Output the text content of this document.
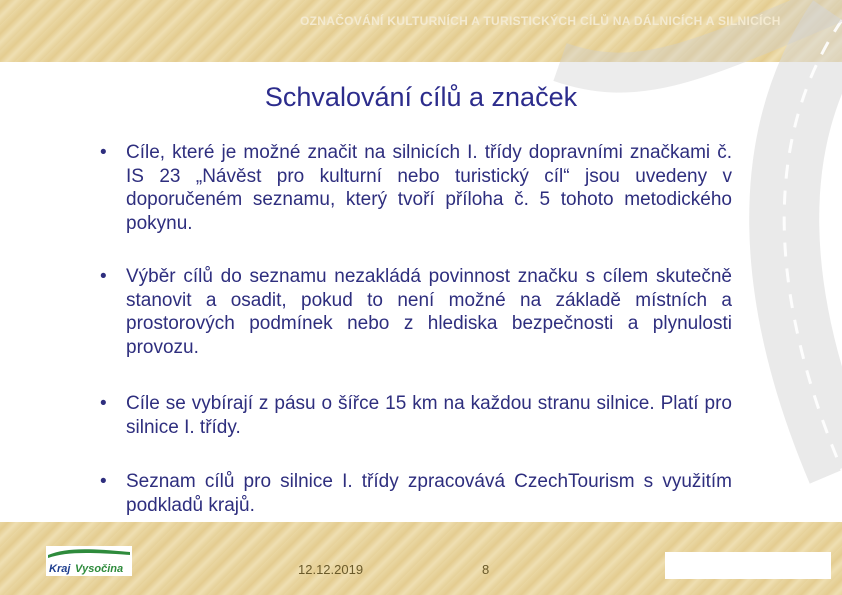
OZNAČOVÁNÍ KULTURNÍCH A TURISTICKÝCH CÍLŮ NA DÁLNICÍCH A SILNICÍCH
Schvalování cílů a značek
• Cíle, které je možné značit na silnicích I. třídy dopravními značkami č. IS 23 „Návěst pro kulturní nebo turistický cíl“ jsou uvedeny v doporučeném seznamu, který tvoří příloha č. 5 tohoto metodického pokynu.
• Výběr cílů do seznamu nezakládá povinnost značku s cílem skutečně stanovit a osadit, pokud to není možné na základě místních a prostorových podmínek nebo z hlediska bezpečnosti a plynulosti provozu.
• Cíle se vybírají z pásu o šířce 15 km na každou stranu silnice. Platí pro silnice I. třídy.
• Seznam cílů pro silnice I. třídy zpracovává CzechTourism s využitím podkladů krajů.
Kraj Vysočina	12.12.2019	8
